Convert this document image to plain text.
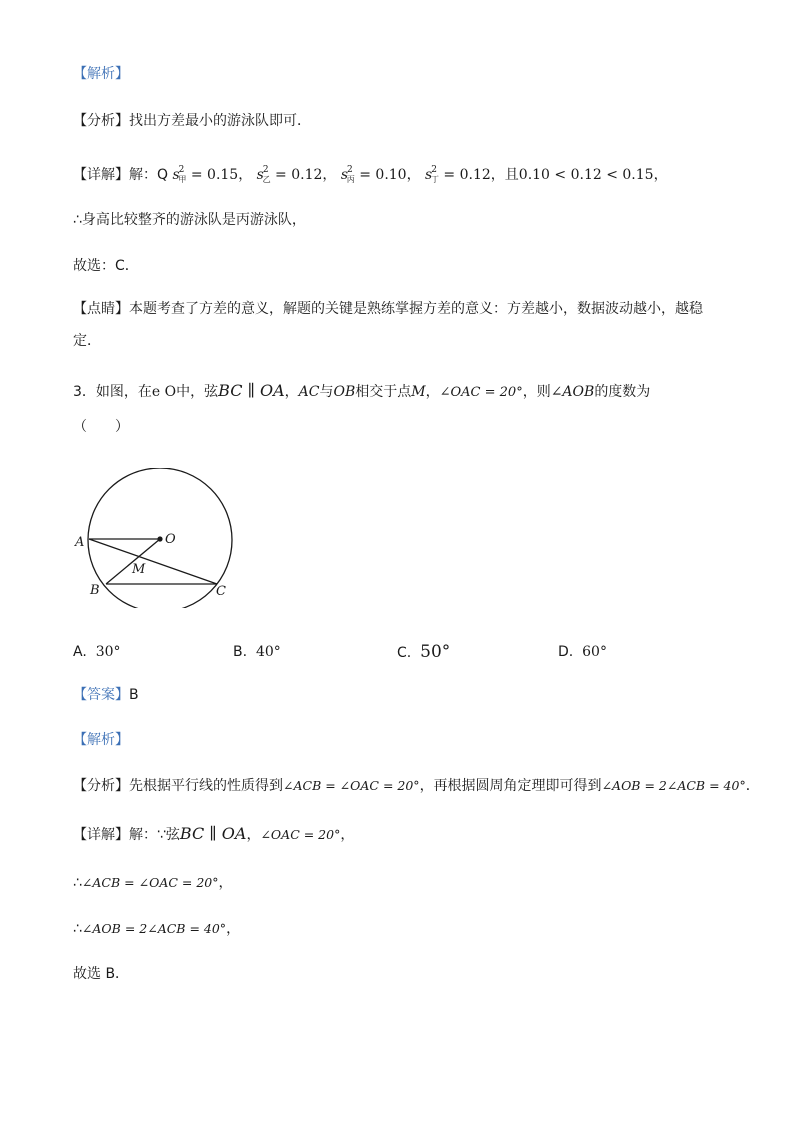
【解析】
【分析】找出方差最小的游泳队即可．
【详解】解：Q $s^2_甲 = 0.15$， $s^2_乙 = 0.12$， $s^2_丙 = 0.10$， $s^2_丁 = 0.12$，且0.10 < 0.12 < 0.15，
∴身高比较整齐的游泳队是丙游泳队，
故选：C．
【点睛】本题考查了方差的意义，解题的关键是熟练掌握方差的意义：方差越小，数据波动越小，越稳
定．
3．如图，在e O中，弦BC ∥ OA，AC与OB相交于点M，∠OAC = 20°，则∠AOB的度数为
（　　）
A	O
M
B	C
A. 30°	B. 40°	C. 50°	D. 60°
【答案】B
【解析】
【分析】先根据平行线的性质得到∠ACB = ∠OAC = 20°，再根据圆周角定理即可得到∠AOB = 2∠ACB = 40°．
【详解】解：∵弦BC ∥ OA，∠OAC = 20°，
∴∠ACB = ∠OAC = 20°，
∴∠AOB = 2∠ACB = 40°，
故选 B．
